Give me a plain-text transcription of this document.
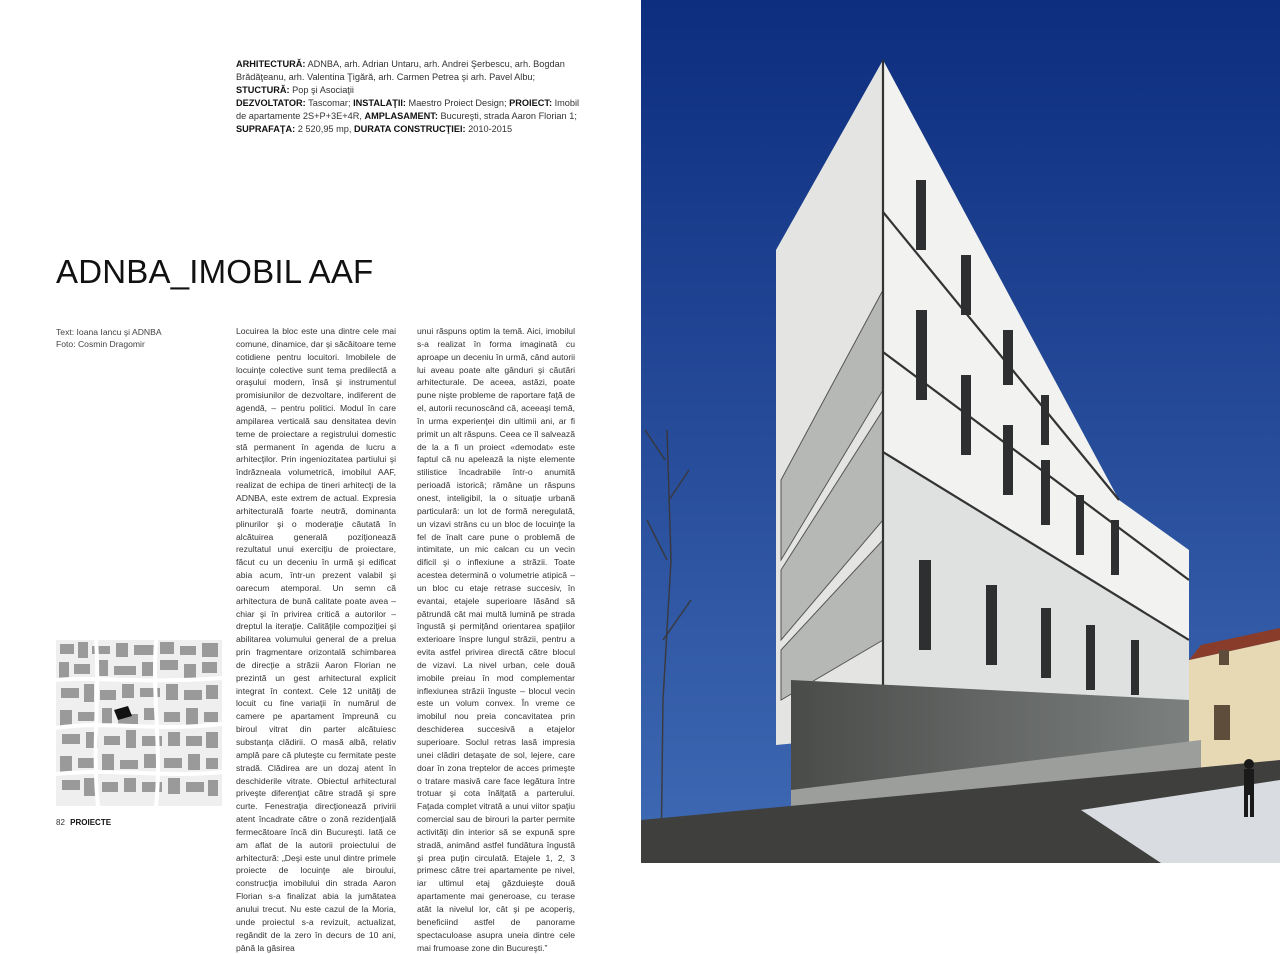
ARHITECTURĂ: ADNBA, arh. Adrian Untaru, arh. Andrei Şerbescu, arh. Bogdan Brădăţeanu, arh. Valentina Ţigără, arh. Carmen Petrea şi arh. Pavel Albu; STUCTURĂ: Pop şi Asociaţii
DEZVOLTATOR: Tascomar; INSTALAŢII: Maestro Proiect Design; PROIECT: Imobil de apartamente 2S+P+3E+4R, AMPLASAMENT: Bucureşti, strada Aaron Florian 1;
SUPRAFAŢA: 2 520,95 mp, DURATA CONSTRUCŢIEI: 2010-2015
ADNBA_IMOBIL AAF
Text: Ioana Iancu şi ADNBA
Foto: Cosmin Dragomir

Locuirea la bloc este una dintre cele mai comune, dinamice, dar şi săcâitoare teme cotidiene pentru locuitori. Imobilele de locuinţe colective sunt tema predilectă a oraşului modern, însă şi instrumentul promisiunilor de dezvoltare, indiferent de agendă, – pentru politici. Modul în care ampilarea verticală sau densitatea devin teme de proiectare a registrului domestic stă permanent în agenda de lucru a arhitecţilor. Prin ingeniozitatea partiului şi îndrăzneala volumetrică, imobilul AAF, realizat de echipa de tineri arhitecţi de la ADNBA, este extrem de actual. Expresia arhitecturală foarte neutră, dominanta plinurilor şi o moderaţie căutată în alcătuirea generală poziţionează rezultatul unui exerciţiu de proiectare, făcut cu un deceniu în urmă şi edificat abia acum, într-un prezent valabil şi oarecum atemporal. Un semn că arhitectura de bună calitate poate avea – chiar şi în privirea critică a autorilor – dreptul la iteraţie. Calităţile compoziţiei şi abilitarea volumului general de a prelua prin fragmentare orizontală schimbarea de direcţie a străzii Aaron Florian ne prezintă un gest arhitectural explicit integrat în context. Cele 12 unităţi de locuit cu fine variaţii în numărul de camere pe apartament împreună cu biroul vitrat din parter alcătuiesc substanţa clădirii. O masă albă, relativ amplă pare că pluteşte cu fermitate peste stradă. Clădirea are un dozaj atent în deschiderile vitrate. Obiectul arhitectural priveşte diferenţiat către stradă şi spre curte. Fenestraţia direcţionează privirii atent încadrate către o zonă rezidenţială fermecătoare încă din Bucureşti. Iată ce am aflat de la autorii proiectului de arhitectură: „Deşi este unul dintre primele proiecte de locuinţe ale biroului, construcţia imobilului din strada Aaron Florian s-a finalizat abia la jumătatea anului trecut. Nu este cazul de la Moria, unde proiectul s-a revizuit, actualizat, regândit de la zero în decurs de 10 ani, până la găsirea

unui răspuns optim la temă. Aici, imobilul s-a realizat în forma imaginată cu aproape un deceniu în urmă, când autorii lui aveau poate alte gânduri şi căutări arhitecturale. De aceea, astăzi, poate pune nişte probleme de raportare faţă de el, autorii recunoscând că, aceeaşi temă, în urma experienţei din ultimii ani, ar fi primit un alt răspuns. Ceea ce îl salvează de la a fi un proiect «demodat» este faptul că nu apelează la nişte elemente stilistice încadrabile într-o anumită perioadă istorică; rămâne un răspuns onest, inteligibil, la o situaţie urbană particulară: un lot de formă neregulată, un vizavi strâns cu un bloc de locuinţe la fel de înalt care pune o problemă de intimitate, un mic calcan cu un vecin dificil şi o inflexiune a străzii. Toate acestea determină o volumetrie atipică – un bloc cu etaje retrase succesiv, în evantai, etajele superioare lăsând să pătrundă cât mai multă lumină pe strada îngustă şi permiţând orientarea spaţiilor exterioare înspre lungul străzii, pentru a evita astfel privirea directă către blocul de vizavi. La nivel urban, cele două imobile preiau în mod complementar inflexiunea străzii înguste – blocul vecin este un volum convex. În vreme ce imobilul nou preia concavitatea prin deschiderea succesivă a etajelor superioare. Soclul retras lasă impresia unei clădiri detaşate de sol, lejere, care doar în zona treptelor de acces primeşte o tratare masivă care face legătura între trotuar şi cota înălţată a parterului. Faţada complet vitrată a unui viitor spaţiu comercial sau de birouri la parter permite activităţi din interior să se expună spre stradă, animând astfel fundătura îngustă şi prea puţin circulată. Etajele 1, 2, 3 primesc către trei apartamente pe nivel, iar ultimul etaj găzduieşte două apartamente mai generoase, cu terase atât la nivelul lor, cât şi pe acoperiş, beneficiind astfel de panorame spectaculoase asupra uneia dintre cele mai frumoase zone din Bucureşti.”

82 PROIECTE
